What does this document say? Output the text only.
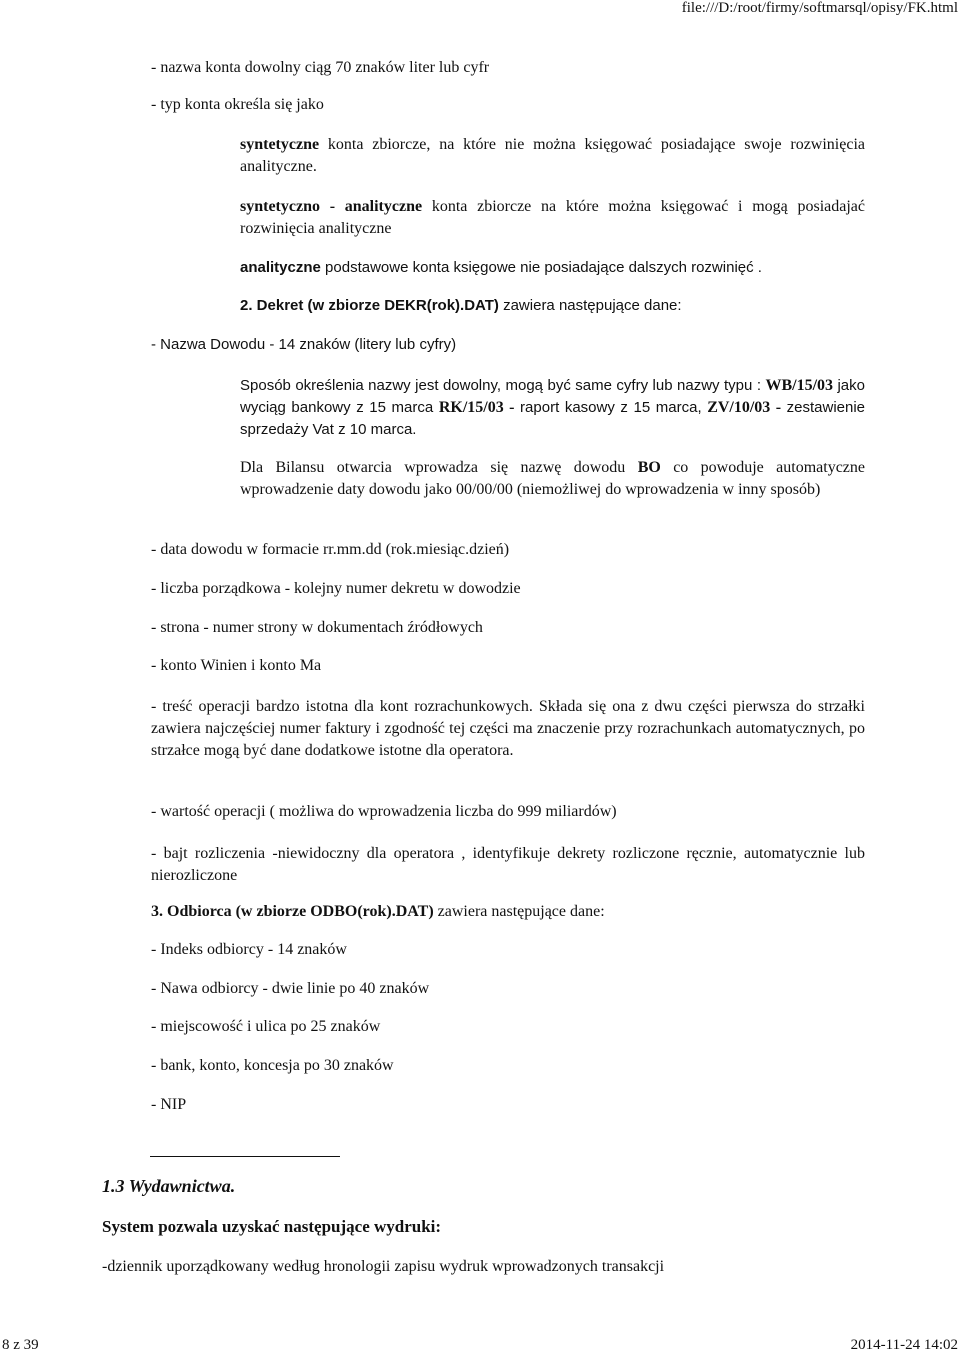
file:///D:/root/firmy/softmarsql/opisy/FK.html
- nazwa konta dowolny ciąg 70 znaków liter lub cyfr
- typ konta określa się jako
syntetyczne konta zbiorcze, na które nie można księgować posiadające swoje rozwinięcia analityczne.
syntetyczno - analityczne konta zbiorcze na które można księgować i mogą posiadajać rozwinięcia analityczne
analityczne podstawowe konta księgowe nie posiadające dalszych rozwinięć .
2. Dekret (w zbiorze DEKR(rok).DAT) zawiera następujące dane:
- Nazwa Dowodu - 14 znaków (litery lub cyfry)
Sposób określenia nazwy jest dowolny, mogą być same cyfry lub nazwy typu : WB/15/03 jako wyciąg bankowy z 15 marca RK/15/03 - raport kasowy z 15 marca, ZV/10/03 - zestawienie sprzedaży Vat z 10 marca.
Dla Bilansu otwarcia wprowadza się nazwę dowodu BO co powoduje automatyczne wprowadzenie daty dowodu jako 00/00/00 (niemożliwej do wprowadzenia w inny sposób)
- data dowodu w formacie rr.mm.dd (rok.miesiąc.dzień)
- liczba porządkowa - kolejny numer dekretu w dowodzie
- strona - numer strony w dokumentach źródłowych
- konto Winien i konto Ma
- treść operacji bardzo istotna dla kont rozrachunkowych. Składa się ona z dwu części pierwsza do strzałki zawiera najczęściej numer faktury i zgodność tej części ma znaczenie przy rozrachunkach automatycznych, po strzałce mogą być dane dodatkowe istotne dla operatora.
- wartość operacji ( możliwa do wprowadzenia liczba do 999 miliardów)
- bajt rozliczenia -niewidoczny dla operatora , identyfikuje dekrety rozliczone ręcznie, automatycznie lub nierozliczone
3. Odbiorca (w zbiorze ODBO(rok).DAT) zawiera następujące dane:
- Indeks odbiorcy - 14 znaków
- Nawa odbiorcy - dwie linie po 40 znaków
- miejscowość i ulica po 25 znaków
- bank, konto, koncesja po 30 znaków
- NIP
1.3 Wydawnictwa.
System pozwala uzyskać następujące wydruki:
-dziennik uporządkowany według hronologii zapisu wydruk wprowadzonych transakcji
8 z 39	2014-11-24 14:02
